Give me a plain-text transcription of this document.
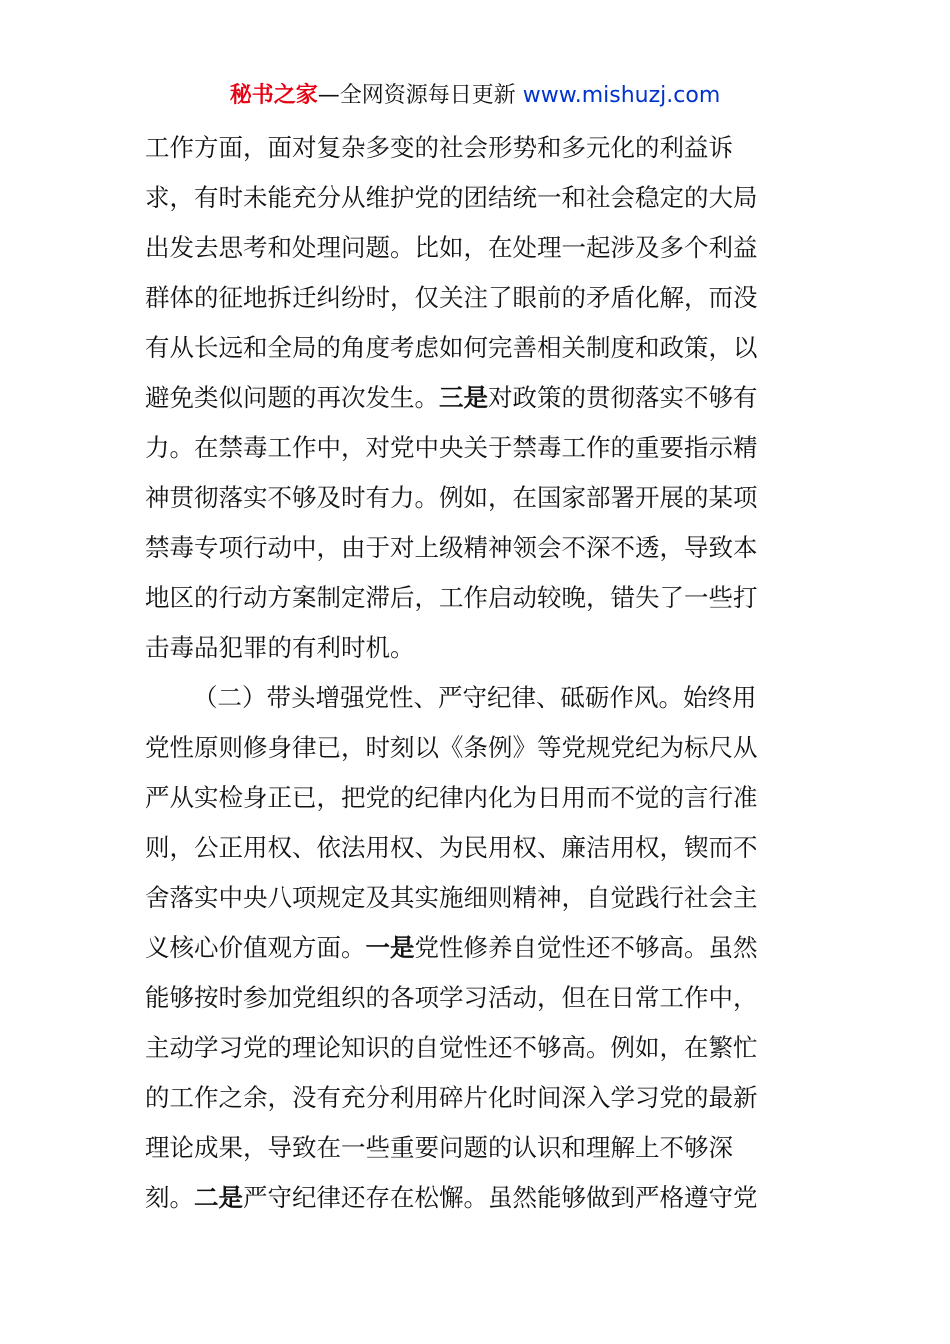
秘书之家—全网资源每日更新 www.mishuzj.com
工作方面，面对复杂多变的社会形势和多元化的利益诉
求，有时未能充分从维护党的团结统一和社会稳定的大局
出发去思考和处理问题。比如，在处理一起涉及多个利益
群体的征地拆迁纠纷时，仅关注了眼前的矛盾化解，而没
有从长远和全局的角度考虑如何完善相关制度和政策，以
避免类似问题的再次发生。三是对政策的贯彻落实不够有
力。在禁毒工作中，对党中央关于禁毒工作的重要指示精
神贯彻落实不够及时有力。例如，在国家部署开展的某项
禁毒专项行动中，由于对上级精神领会不深不透，导致本
地区的行动方案制定滞后，工作启动较晚，错失了一些打
击毒品犯罪的有利时机。
（二）带头增强党性、严守纪律、砥砺作风。始终用
党性原则修身律已，时刻以《条例》等党规党纪为标尺从
严从实检身正已，把党的纪律内化为日用而不觉的言行准
则，公正用权、依法用权、为民用权、廉洁用权，锲而不
舍落实中央八项规定及其实施细则精神，自觉践行社会主
义核心价值观方面。一是党性修养自觉性还不够高。虽然
能够按时参加党组织的各项学习活动，但在日常工作中，
主动学习党的理论知识的自觉性还不够高。例如，在繁忙
的工作之余，没有充分利用碎片化时间深入学习党的最新
理论成果，导致在一些重要问题的认识和理解上不够深
刻。二是严守纪律还存在松懈。虽然能够做到严格遵守党
